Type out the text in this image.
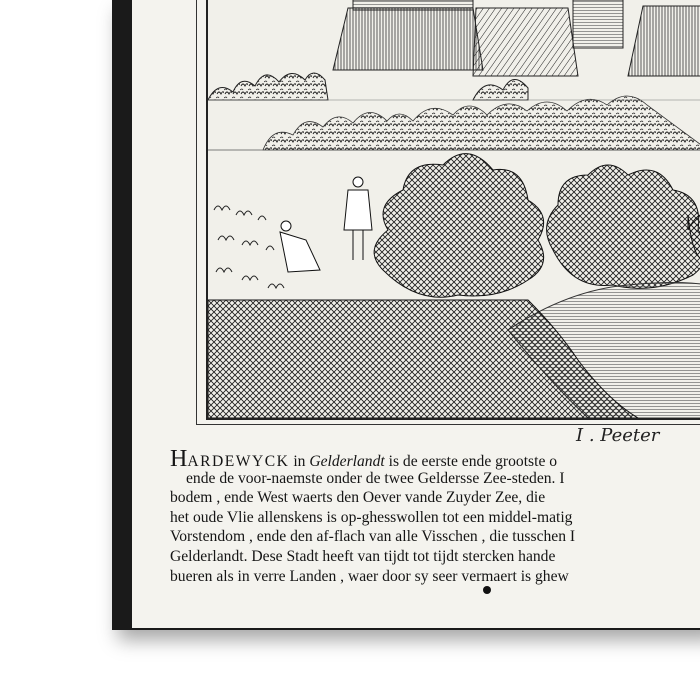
I . Peeter
HARDEWYCK in Gelderlandt is de eerste ende grootste o
ende de voor-naemste onder de twee Geldersse Zee-steden. I
bodem , ende West waerts den Oever vande Zuyder Zee, die
het oude Vlie allenskens is op-ghesswollen tot een middel-matig
Vorstendom , ende den af-flach van alle Visschen , die tusschen I
Gelderlandt. Dese Stadt heeft van tijdt tot tijdt stercken hande
bueren als in verre Landen , waer door sy seer vermaert is ghew
